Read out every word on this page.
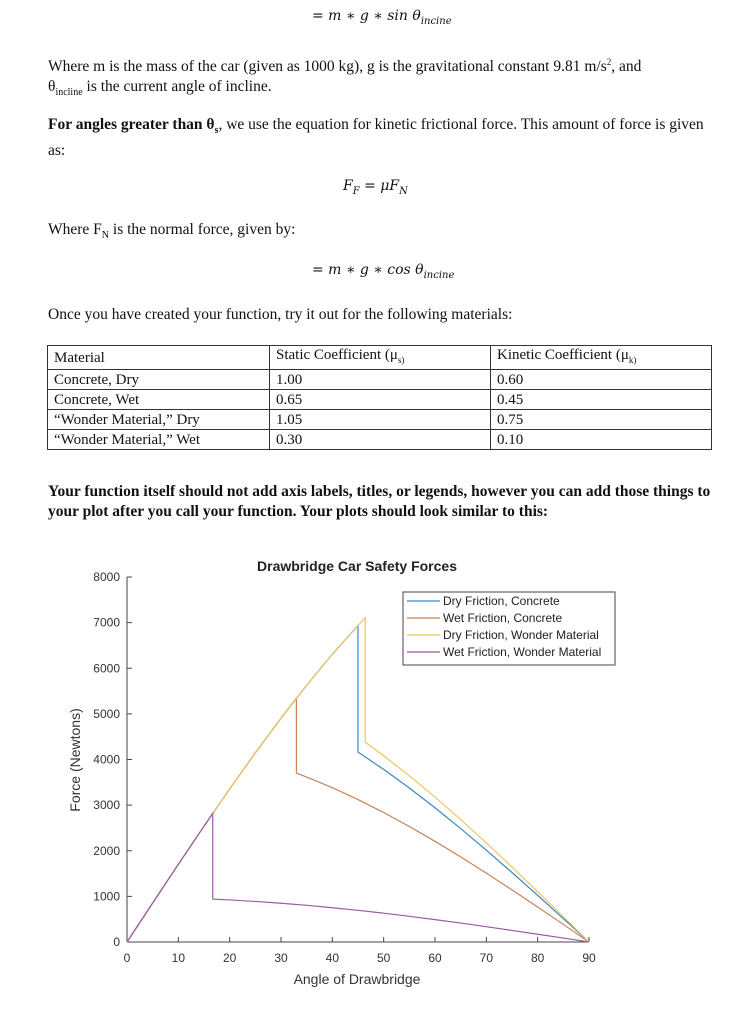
= m ∗ g ∗ $\sin \theta_{incine}$
Where m is the mass of the car (given as 1000 kg), g is the gravitational constant 9.81 $m/s^2$, and
$\theta_{incline}$ is the current angle of incline.
For angles greater than $\theta_s$, we use the equation for kinetic frictional force. This amount of force is given as:
$F_F = \mu F_N$
Where $F_N$ is the normal force, given by:
= m ∗ g ∗ $\cos \theta_{incine}$
Once you have created your function, try it out for the following materials:
Material	Static Coefficient ($\mu_{s)}$	Kinetic Coefficient ($\mu_{k)}$
Concrete, Dry	1.00	0.60
Concrete, Wet	0.65	0.45
“Wonder Material,” Dry	1.05	0.75
“Wonder Material,” Wet	0.30	0.10
Your function itself should not add axis labels, titles, or legends, however you can add those things to your plot after you call your function. Your plots should look similar to this:
0	10	20	30	40	50	60	70	80	90
0
1000
2000
3000
4000
5000
6000
7000
8000
Drawbridge Car Safety Forces
Angle of Drawbridge
Force (Newtons)
Dry Friction, Concrete
Wet Friction, Concrete
Dry Friction, Wonder Material
Wet Friction, Wonder Material
